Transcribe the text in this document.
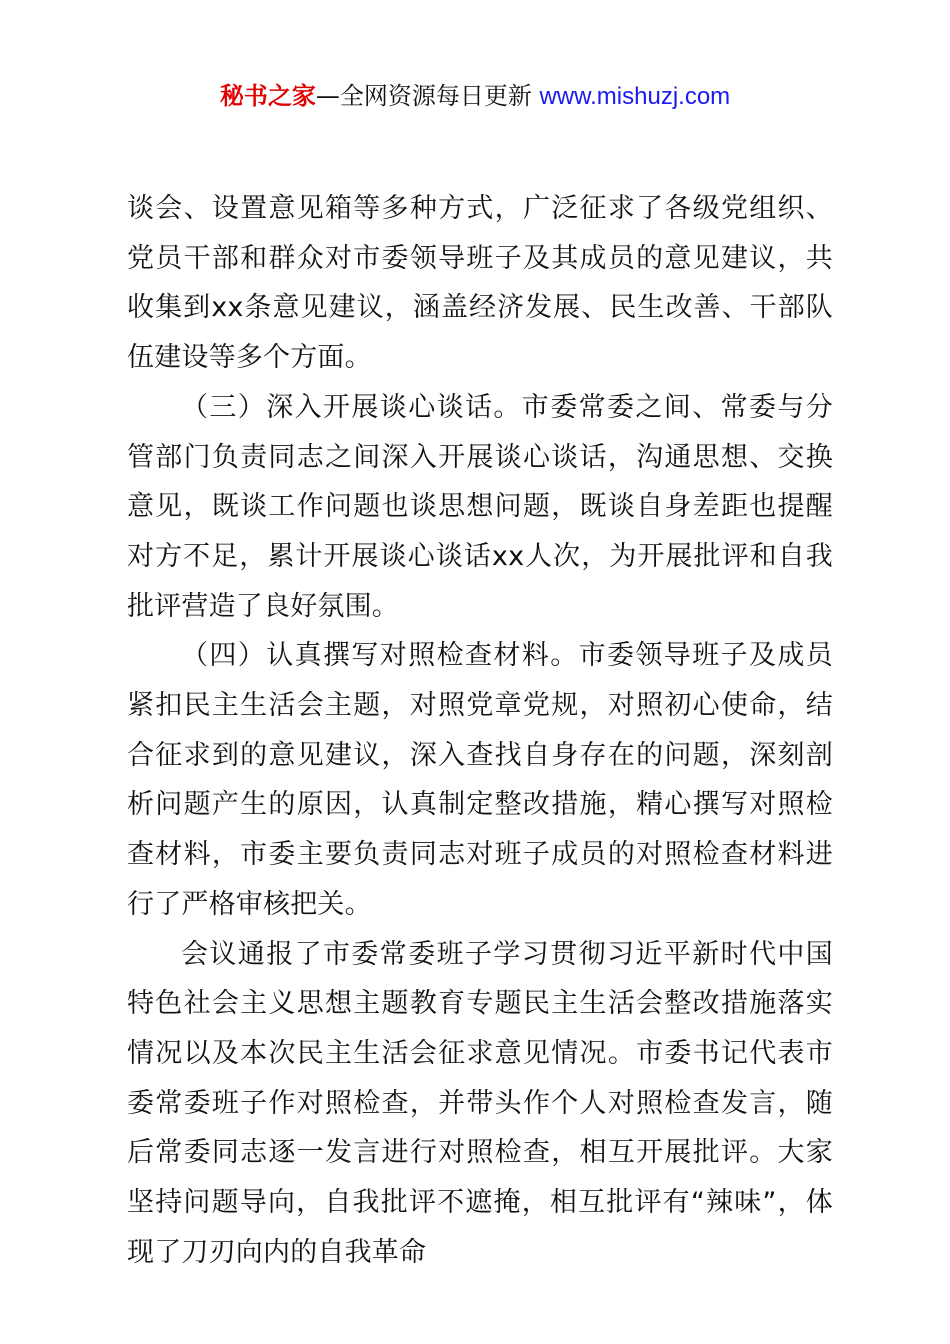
秘书之家—全网资源每日更新 www.mishuzj.com

谈会、设置意见箱等多种方式，广泛征求了各级党组织、党员干部和群众对市委领导班子及其成员的意见建议，共收集到xx条意见建议，涵盖经济发展、民生改善、干部队伍建设等多个方面。

（三）深入开展谈心谈话。市委常委之间、常委与分管部门负责同志之间深入开展谈心谈话，沟通思想、交换意见，既谈工作问题也谈思想问题，既谈自身差距也提醒对方不足，累计开展谈心谈话xx人次，为开展批评和自我批评营造了良好氛围。

（四）认真撰写对照检查材料。市委领导班子及成员紧扣民主生活会主题，对照党章党规，对照初心使命，结合征求到的意见建议，深入查找自身存在的问题，深刻剖析问题产生的原因，认真制定整改措施，精心撰写对照检查材料，市委主要负责同志对班子成员的对照检查材料进行了严格审核把关。

会议通报了市委常委班子学习贯彻习近平新时代中国特色社会主义思想主题教育专题民主生活会整改措施落实情况以及本次民主生活会征求意见情况。市委书记代表市委常委班子作对照检查，并带头作个人对照检查发言，随后常委同志逐一发言进行对照检查，相互开展批评。大家坚持问题导向，自我批评不遮掩，相互批评有“辣味”，体现了刀刃向内的自我革命
